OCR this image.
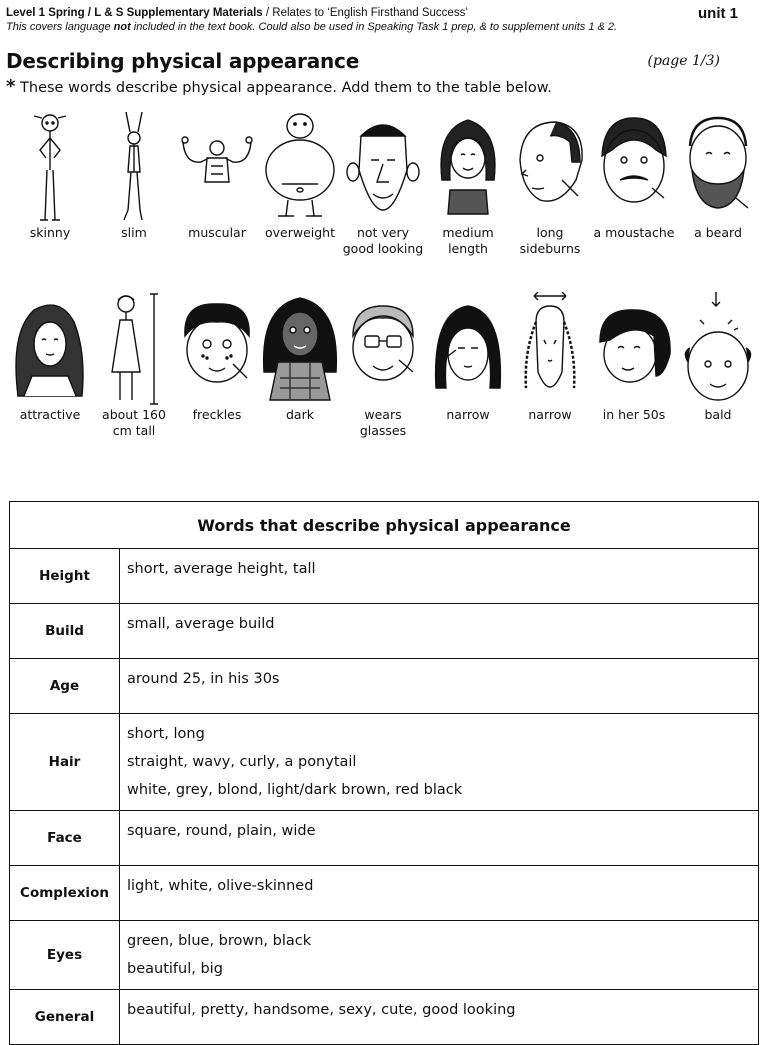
Level 1 Spring / L & S Supplementary Materials / Relates to ‘English Firsthand Success’
This covers language not included in the text book. Could also be used in Speaking Task 1 prep, & to supplement units 1 & 2.
unit 1
Describing physical appearance	(page 1/3)
* These words describe physical appearance. Add them to the table below.
skinny	slim	muscular	overweight	not very good looking
medium length
long sideburns
a moustache	a beard
attractive	about 160 cm tall
freckles	dark	wears glasses
narrow	narrow	in her 50s	bald
Words that describe physical appearance	
Height	short, average height, tall

Build	small, average build

Age	around 25, in his 30s

Hair	short, long
straight, wavy, curly, a ponytail
white, grey, blond, light/dark brown, red black

Face	square, round, plain, wide

Complexion	light, white, olive-skinned

Eyes	green, blue, brown, black
beautiful, big

General	beautiful, pretty, handsome, sexy, cute, good looking
